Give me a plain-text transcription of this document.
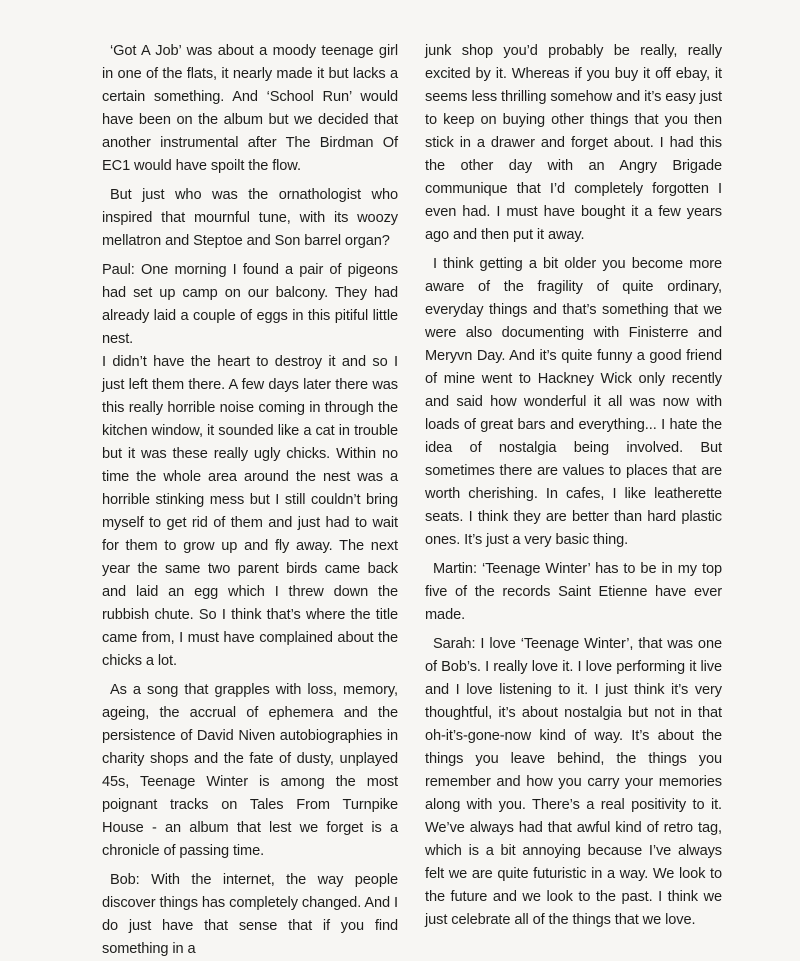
‘Got A Job’ was about a moody teenage girl in one of the flats, it nearly made it but lacks a certain something. And ‘School Run’ would have been on the album but we decided that another instrumental after The Birdman Of EC1 would have spoilt the flow.

But just who was the ornathologist who inspired that mournful tune, with its woozy mellatron and Steptoe and Son barrel organ?

Paul: One morning I found a pair of pigeons had set up camp on our balcony. They had already laid a couple of eggs in this pitiful little nest.

I didn’t have the heart to destroy it and so I just left them there. A few days later there was this really horrible noise coming in through the kitchen window, it sounded like a cat in trouble but it was these really ugly chicks. Within no time the whole area around the nest was a horrible stinking mess but I still couldn’t bring myself to get rid of them and just had to wait for them to grow up and fly away. The next year the same two parent birds came back and laid an egg which I threw down the rubbish chute. So I think that’s where the title came from, I must have complained about the chicks a lot.

As a song that grapples with loss, memory, ageing, the accrual of ephemera and the persistence of David Niven autobiographies in charity shops and the fate of dusty, unplayed 45s, Teenage Winter is among the most poignant tracks on Tales From Turnpike House - an album that lest we forget is a chronicle of passing time.

Bob: With the internet, the way people discover things has completely changed. And I do just have that sense that if you find something in a

junk shop you’d probably be really, really excited by it. Whereas if you buy it off ebay, it seems less thrilling somehow and it’s easy just to keep on buying other things that you then stick in a drawer and forget about. I had this the other day with an Angry Brigade communique that I’d completely forgotten I even had. I must have bought it a few years ago and then put it away.

I think getting a bit older you become more aware of the fragility of quite ordinary, everyday things and that’s something that we were also documenting with Finisterre and Meryvn Day. And it’s quite funny a good friend of mine went to Hackney Wick only recently and said how wonderful it all was now with loads of great bars and everything... I hate the idea of nostalgia being involved. But sometimes there are values to places that are worth cherishing. In cafes, I like leatherette seats. I think they are better than hard plastic ones. It’s just a very basic thing.

Martin: ‘Teenage Winter’ has to be in my top five of the records Saint Etienne have ever made.

Sarah: I love ‘Teenage Winter’, that was one of Bob’s. I really love it. I love performing it live and I love listening to it. I just think it’s very thoughtful, it’s about nostalgia but not in that oh-it’s-gone-now kind of way. It’s about the things you leave behind, the things you remember and how you carry your memories along with you. There’s a real positivity to it. We’ve always had that awful kind of retro tag, which is a bit annoying because I’ve always felt we are quite futuristic in a way. We look to the future and we look to the past. I think we just celebrate all of the things that we love.
